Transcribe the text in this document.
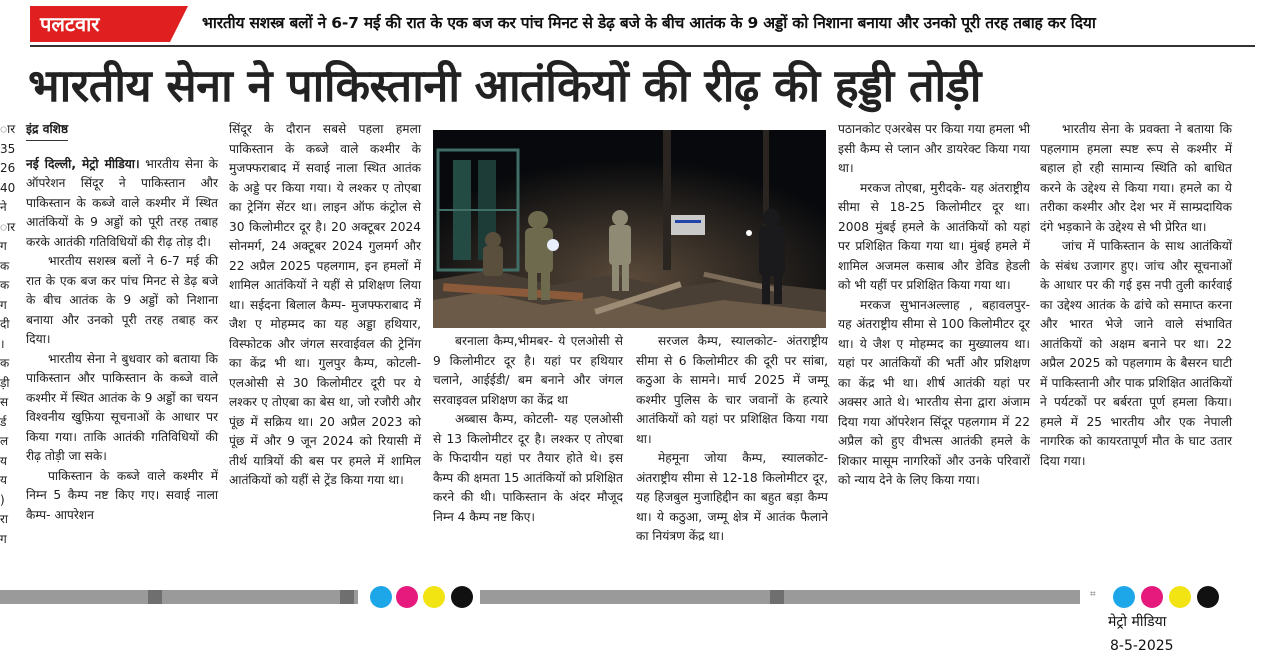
पलटवार	भारतीय सशस्त्र बलों ने 6-7 मई की रात के एक बज कर पांच मिनट से डेढ़ बजे के बीच आतंक के 9 अड्डों को निशाना बनाया और उनको पूरी तरह तबाह कर दिया
भारतीय सेना ने पाकिस्तानी आतंकियों की रीढ़ की हड्डी तोड़ी
ार
35
26
40
ने
ार
ग
क
क
ग
दी
।
क
ड़ी
स
र्ड
ल
य
य
)
रा
ग
इंद्र वशिष्ठ

नई दिल्ली, मेट्रो मीडिया। भारतीय सेना के ऑपरेशन सिंदूर ने पाकिस्तान और पाकिस्तान के कब्जे वाले कश्मीर में स्थित आतंकियों के 9 अड्डों को पूरी तरह तबाह करके आतंकी गतिविधियों की रीढ़ तोड़ दी।

भारतीय सशस्त्र बलों ने 6-7 मई की रात के एक बज कर पांच मिनट से डेढ़ बजे के बीच आतंक के 9 अड्डों को निशाना बनाया और उनको पूरी तरह तबाह कर दिया।

भारतीय सेना ने बुधवार को बताया कि पाकिस्तान और पाकिस्तान के कब्जे वाले कश्मीर में स्थित आतंक के 9 अड्डों का चयन विश्वनीय खुफ़िया सूचनाओं के आधार पर किया गया। ताकि आतंकी गतिविधियों की रीढ़ तोड़ी जा सके।

पाकिस्तान के कब्जे वाले कश्मीर में निम्न 5 कैम्प नष्ट किए गए। सवाई नाला कैम्प- आपरेशन

सिंदूर के दौरान सबसे पहला हमला पाकिस्तान के कब्जे वाले कश्मीर के मुजफ्फराबाद में सवाई नाला स्थित आतंक के अड्डे पर किया गया। ये लश्कर ए तोएबा का ट्रेनिंग सेंटर था। लाइन ऑफ कंट्रोल से 30 किलोमीटर दूर है। 20 अक्टूबर 2024 सोनमर्ग, 24 अक्टूबर 2024 गुलमर्ग और 22 अप्रैल 2025 पहलगाम, इन हमलों में शामिल आतंकियों ने यहीं से प्रशिक्षण लिया था। सईदना बिलाल कैम्प- मुजफ्फराबाद में जैश ए मोहम्मद का यह अड्डा हथियार, विस्फोटक और जंगल सरवाईवल की ट्रेनिंग का केंद्र भी था। गुलपुर कैम्प, कोटली- एलओसी से 30 किलोमीटर दूरी पर ये लश्कर ए तोएबा का बेस था, जो रजौरी और पूंछ में सक्रिय था। 20 अप्रैल 2023 को पूंछ में और 9 जून 2024 को रियासी में तीर्थ यात्रियों की बस पर हमले में शामिल आतंकियों को यहीं से ट्रेंड किया गया था।

बरनाला कैम्प,भीमबर- ये एलओसी से 9 किलोमीटर दूर है। यहां पर हथियार चलाने, आईईडी/ बम बनाने और जंगल सरवाइवल प्रशिक्षण का केंद्र था

अब्बास कैम्प, कोटली- यह एलओसी से 13 किलोमीटर दूर है। लश्कर ए तोएबा के फिदायीन यहां पर तैयार होते थे। इस कैम्प की क्षमता 15 आतंकियों को प्रशिक्षित करने की थी। पाकिस्तान के अंदर मौजूद निम्न 4 कैम्प नष्ट किए।

सरजल कैम्प, स्यालकोट- अंतराष्ट्रीय सीमा से 6 किलोमीटर की दूरी पर सांबा, कठुआ के सामने। मार्च 2025 में जम्मू कश्मीर पुलिस के चार जवानों के हत्यारे आतंकियों को यहां पर प्रशिक्षित किया गया था।

मेहमूना जोया कैम्प, स्यालकोट- अंतराष्ट्रीय सीमा से 12-18 किलोमीटर दूर, यह हिजबुल मुजाहिद्दीन का बहुत बड़ा कैम्प था। ये कठुआ, जम्मू क्षेत्र में आतंक फैलाने का नियंत्रण केंद्र था।

पठानकोट एअरबेस पर किया गया हमला भी इसी कैम्प से प्लान और डायरेक्ट किया गया था।

मरकज तोएबा, मुरीदके- यह अंतराष्ट्रीय सीमा से 18-25 किलोमीटर दूर था। 2008 मुंबई हमले के आतंकियों को यहां पर प्रशिक्षित किया गया था। मुंबई हमले में शामिल अजमल कसाब और डेविड हेडली को भी यहीं पर प्रशिक्षित किया गया था।

मरकज सुभानअल्लाह , बहावलपुर- यह अंतराष्ट्रीय सीमा से 100 किलोमीटर दूर था। ये जैश ए मोहम्मद का मुख्यालय था। यहां पर आतंकियों की भर्ती और प्रशिक्षण का केंद्र भी था। शीर्ष आतंकी यहां पर अक्सर आते थे। भारतीय सेना द्वारा अंजाम दिया गया ऑपरेशन सिंदूर पहलगाम में 22 अप्रैल को हुए वीभत्स आतंकी हमले के शिकार मासूम नागरिकों और उनके परिवारों को न्याय देने के लिए किया गया।

भारतीय सेना के प्रवक्ता ने बताया कि पहलगाम हमला स्पष्ट रूप से कश्मीर में बहाल हो रही सामान्य स्थिति को बाधित करने के उद्देश्य से किया गया। हमले का ये तरीका कश्मीर और देश भर में साम्प्रदायिक दंगे भड़काने के उद्देश्य से भी प्रेरित था।

जांच में पाकिस्तान के साथ आतंकियों के संबंध उजागर हुए। जांच और सूचनाओं के आधार पर की गई इस नपी तुली कार्रवाई का उद्देश्य आतंक के ढांचे को समाप्त करना और भारत भेजे जाने वाले संभावित आतंकियों को अक्षम बनाने पर था। 22 अप्रैल 2025 को पहलगाम के बैसरन घाटी में पाकिस्तानी और पाक प्रशिक्षित आतंकियों ने पर्यटकों पर बर्बरता पूर्ण हमला किया। हमले में 25 भारतीय और एक नेपाली नागरिक को कायरतापूर्ण मौत के घाट उतार दिया गया।

⌗
मेट्रो मीडिया
8-5-2025
